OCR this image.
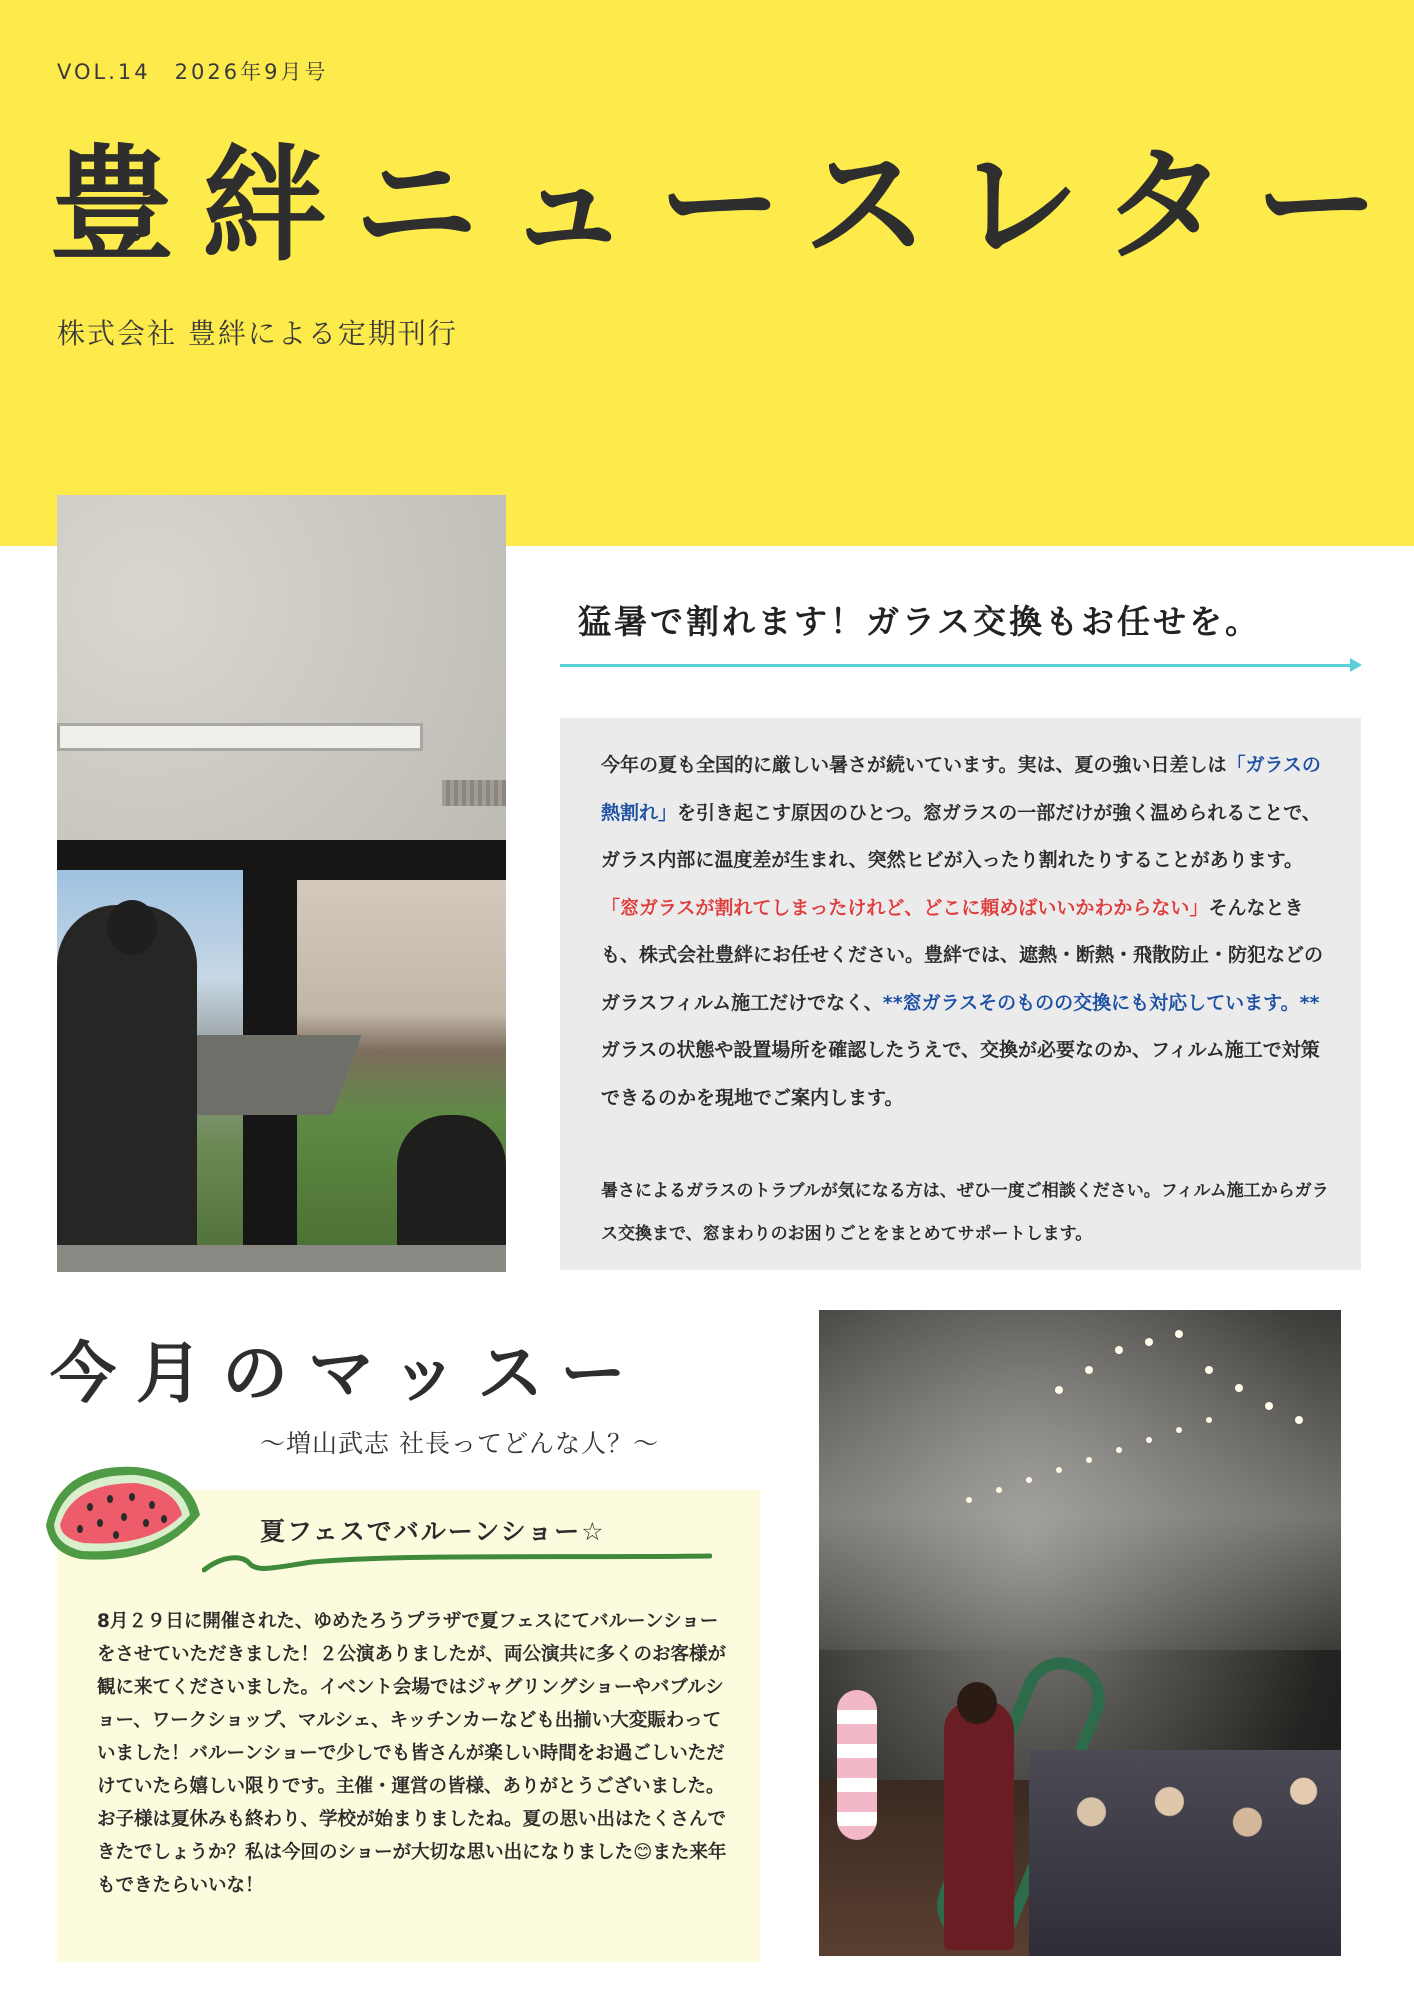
VOL.14　2026年9月号
豊絆ニュースレター
株式会社 豊絆による定期刊行
猛暑で割れます！ガラス交換もお任せを。

今年の夏も全国的に厳しい暑さが続いています。実は、夏の強い日差しは「ガラスの熱割れ」を引き起こす原因のひとつ。窓ガラスの一部だけが強く温められることで、ガラス内部に温度差が生まれ、突然ヒビが入ったり割れたりすることがあります。「窓ガラスが割れてしまったけれど、どこに頼めばいいかわからない」そんなときも、株式会社豊絆にお任せください。豊絆では、遮熱・断熱・飛散防止・防犯などのガラスフィルム施工だけでなく、**窓ガラスそのものの交換にも対応しています。**ガラスの状態や設置場所を確認したうえで、交換が必要なのか、フィルム施工で対策できるのかを現地でご案内します。

暑さによるガラスのトラブルが気になる方は、ぜひ一度ご相談ください。フィルム施工からガラス交換まで、窓まわりのお困りごとをまとめてサポートします。

今月のマッスー
〜増山武志 社長ってどんな人？〜
夏フェスでバルーンショー☆

8月２９日に開催された、ゆめたろうプラザで夏フェスにてバルーンショーをさせていただきました！２公演ありましたが、両公演共に多くのお客様が観に来てくださいました。イベント会場ではジャグリングショーやバブルショー、ワークショップ、マルシェ、キッチンカーなども出揃い大変賑わっていました！バルーンショーで少しでも皆さんが楽しい時間をお過ごしいただけていたら嬉しい限りです。主催・運営の皆様、ありがとうございました。お子様は夏休みも終わり、学校が始まりましたね。夏の思い出はたくさんできたでしょうか？私は今回のショーが大切な思い出になりました😊また来年もできたらいいな！
